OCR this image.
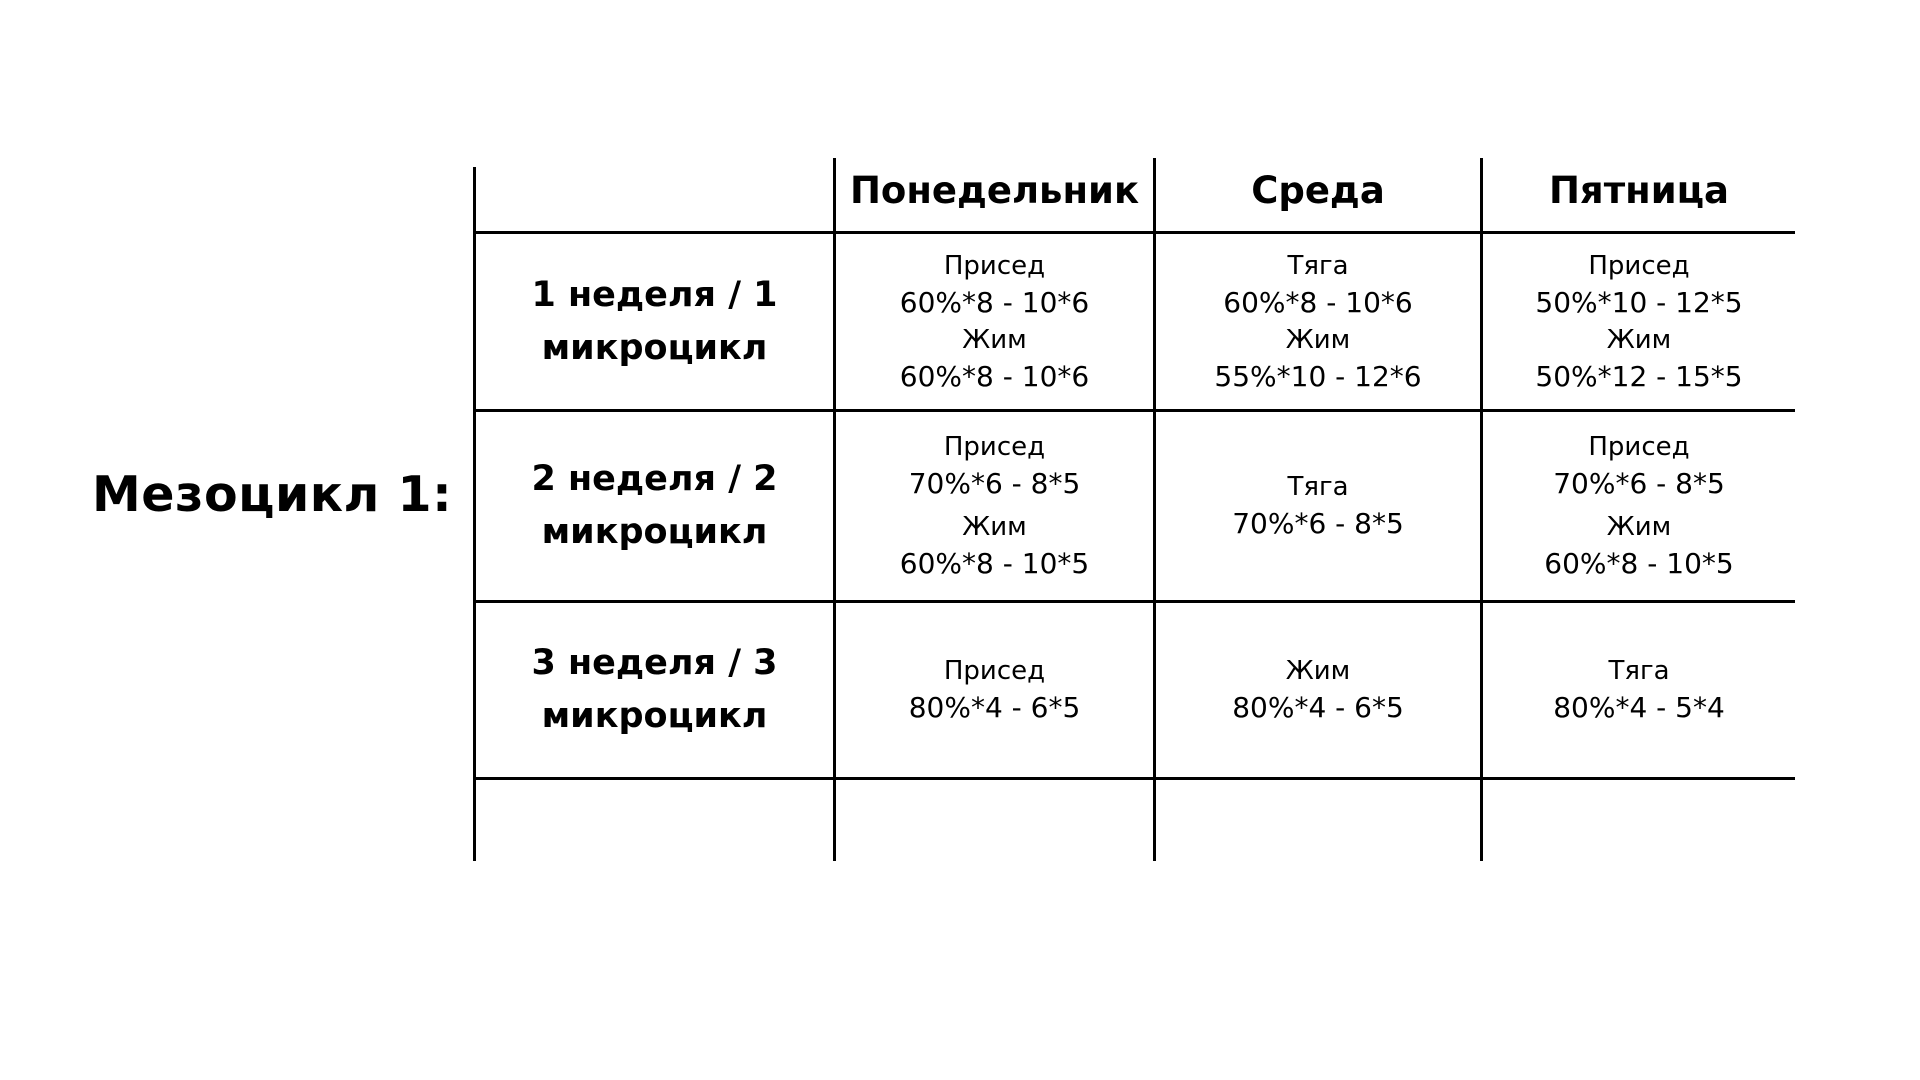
Мезоцикл 1:
Понедельник	Среда	Пятница
1 неделя / 1
микроцикл
Присед
60%*8 - 10*6
Жим
60%*8 - 10*6
Тяга
60%*8 - 10*6
Жим
55%*10 - 12*6
Присед
50%*10 - 12*5
Жим
50%*12 - 15*5
2 неделя / 2
микроцикл
Присед
70%*6 - 8*5
Жим
60%*8 - 10*5
Тяга
70%*6 - 8*5
Присед
70%*6 - 8*5
Жим
60%*8 - 10*5
3 неделя / 3
микроцикл
Присед
80%*4 - 6*5
Жим
80%*4 - 6*5
Тяга
80%*4 - 5*4
